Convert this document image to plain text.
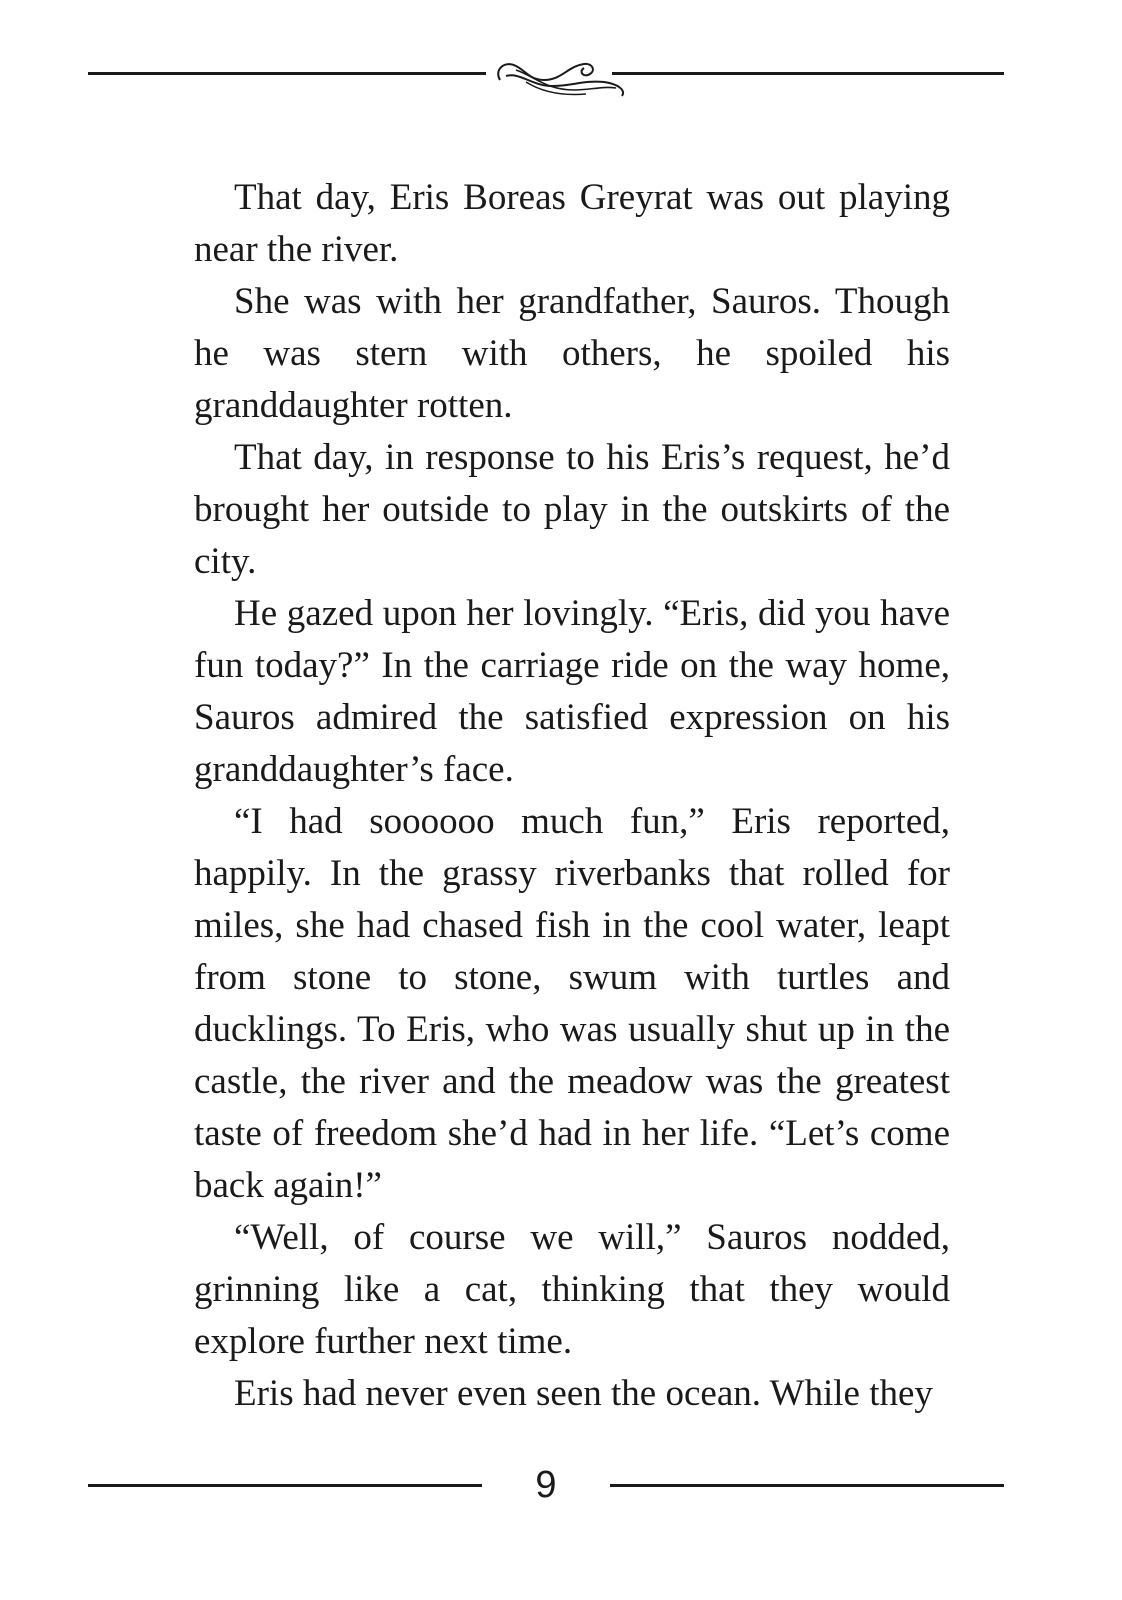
That day, Eris Boreas Greyrat was out playing near the river.

She was with her grandfather, Sauros. Though he was stern with others, he spoiled his granddaughter rotten.

That day, in response to his Eris’s request, he’d brought her outside to play in the outskirts of the city.

He gazed upon her lovingly. “Eris, did you have fun today?” In the carriage ride on the way home, Sauros admired the satisfied expression on his granddaughter’s face.

“I had soooooo much fun,” Eris reported, happily. In the grassy riverbanks that rolled for miles, she had chased fish in the cool water, leapt from stone to stone, swum with turtles and ducklings. To Eris, who was usually shut up in the castle, the river and the meadow was the greatest taste of freedom she’d had in her life. “Let’s come back again!”

“Well, of course we will,” Sauros nodded, grinning like a cat, thinking that they would explore further next time.

Eris had never even seen the ocean. While they

9
